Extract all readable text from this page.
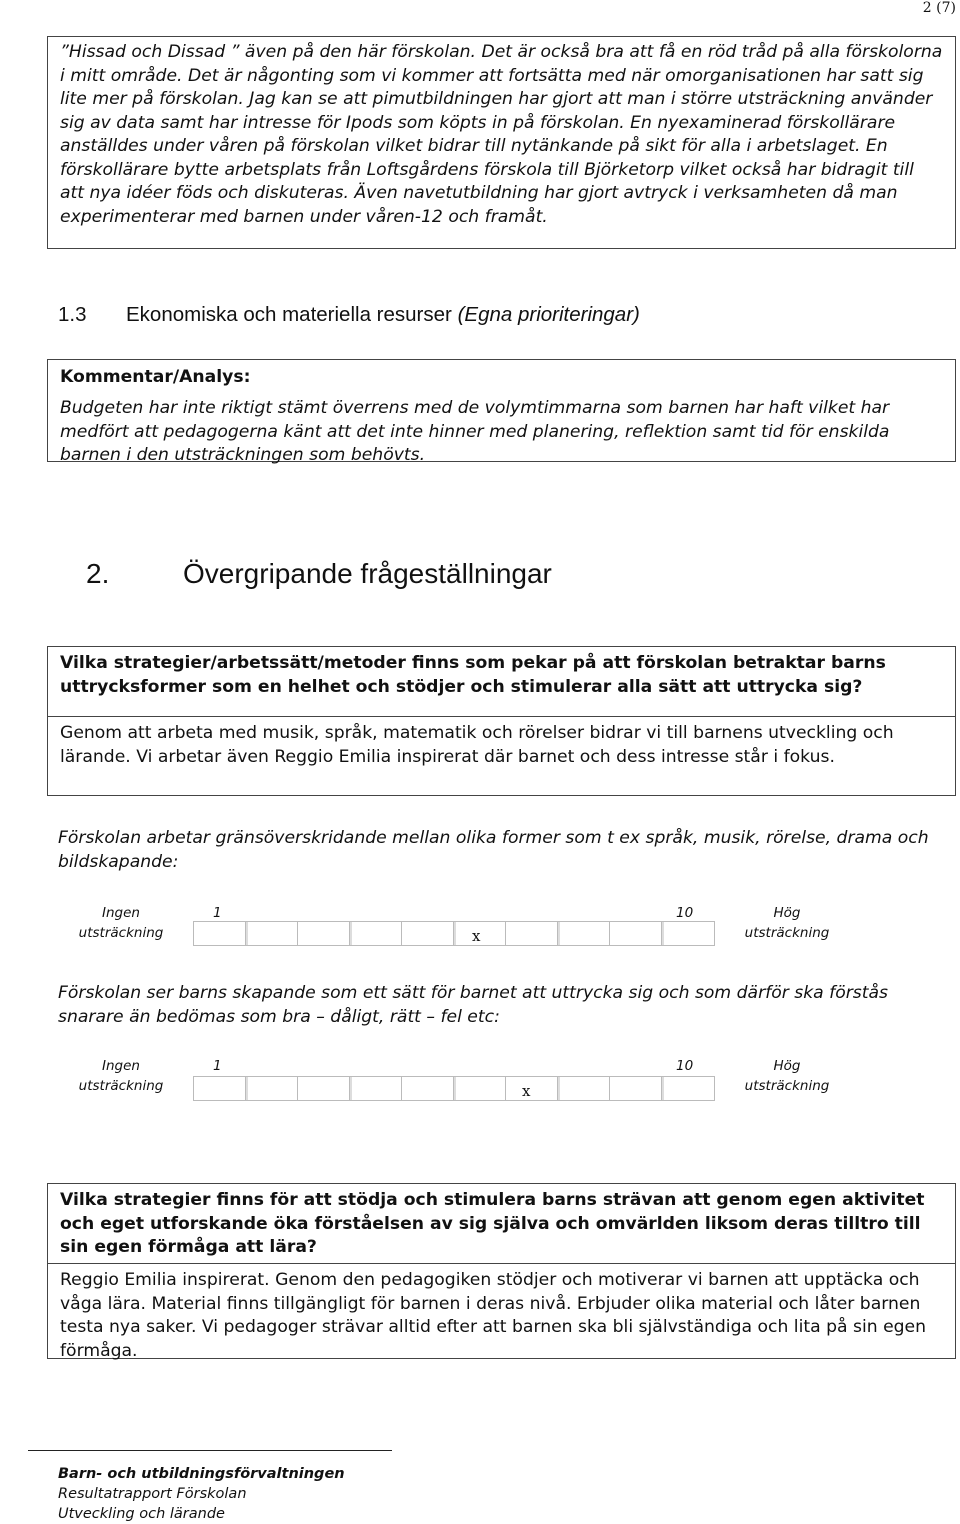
2 (7)

”Hissad och Dissad ” även på den här förskolan. Det är också bra att få en röd tråd på alla förskolorna i mitt område. Det är någonting som vi kommer att fortsätta med när omorganisationen har satt sig lite mer på förskolan. Jag kan se att pimutbildningen har gjort att man i större utsträckning använder sig av data samt har intresse för Ipods som köpts in på förskolan. En nyexaminerad förskollärare anställdes under våren på förskolan vilket bidrar till nytänkande på sikt för alla i arbetslaget. En förskollärare bytte arbetsplats från Loftsgårdens förskola till Björketorp vilket också har bidragit till att nya idéer föds och diskuteras. Även navetutbildning har gjort avtryck i verksamheten då man experimenterar med barnen under våren-12 och framåt.

1.3 Ekonomiska och materiella resurser (Egna prioriteringar)
Kommentar/Analys:

Budgeten har inte riktigt stämt överrens med de volymtimmarna som barnen har haft vilket har medfört att pedagogerna känt att det inte hinner med planering, reflektion samt tid för enskilda barnen i den utsträckningen som behövts.

2.	Övergripande frågeställningar

Vilka strategier/arbetssätt/metoder finns som pekar på att förskolan betraktar barns uttrycksformer som en helhet och stödjer och stimulerar alla sätt att uttrycka sig?

Genom att arbeta med musik, språk, matematik och rörelser bidrar vi till barnens utveckling och lärande. Vi arbetar även Reggio Emilia inspirerat där barnet och dess intresse står i fokus.

Förskolan arbetar gränsöverskridande mellan olika former som t ex språk, musik, rörelse, drama och bildskapande:
Ingen
utsträckning
1	10	Hög
utsträckning
x
Förskolan ser barns skapande som ett sätt för barnet att uttrycka sig och som därför ska förstås snarare än bedömas som bra – dåligt, rätt – fel etc:
Ingen
utsträckning
1	10	Hög
utsträckning
x

Vilka strategier finns för att stödja och stimulera barns strävan att genom egen aktivitet och eget utforskande öka förståelsen av sig själva och omvärlden liksom deras tilltro till sin egen förmåga att lära?

Reggio Emilia inspirerat. Genom den pedagogiken stödjer och motiverar vi barnen att upptäcka och våga lära. Material finns tillgängligt för barnen i deras nivå. Erbjuder olika material och låter barnen testa nya saker. Vi pedagoger strävar alltid efter att barnen ska bli självständiga och lita på sin egen förmåga.

Barn- och utbildningsförvaltningen
Resultatrapport Förskolan
Utveckling och lärande
